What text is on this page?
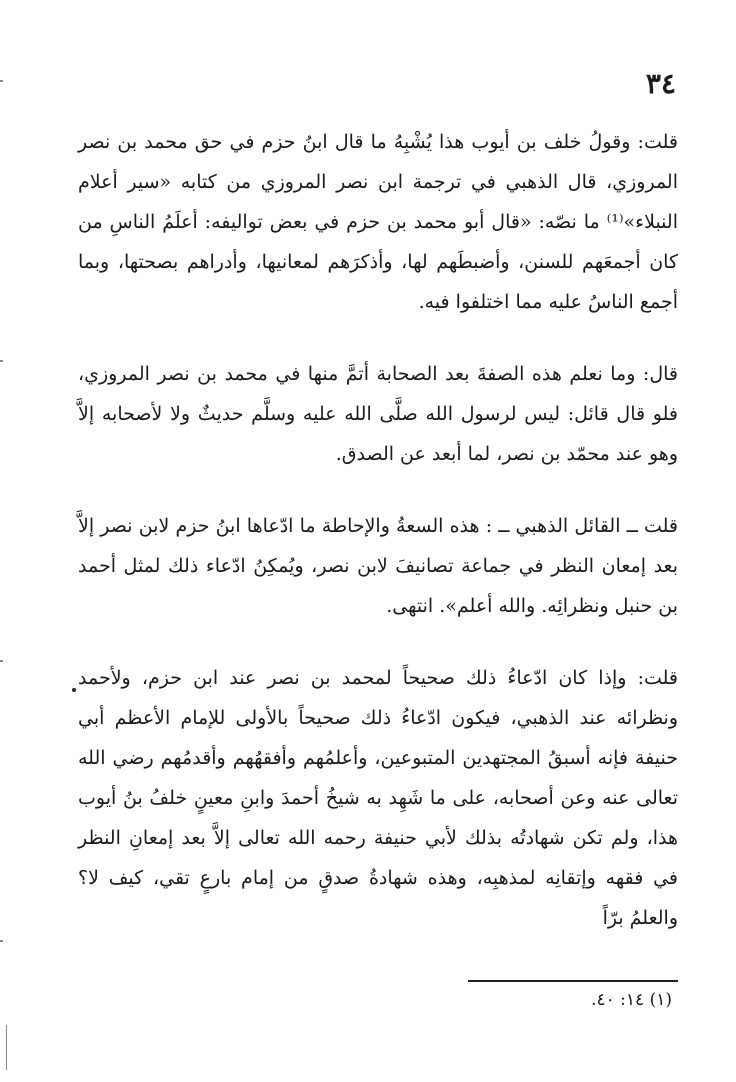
٣٤

قلت: وقولُ خلف بن أيوب هذا يُشْبِهُ ما قال ابنُ حزم في حق محمد بن نصر المروزي، قال الذهبي في ترجمة ابن نصر المروزي من كتابه «سير أعلام النبلاء»⁽¹⁾ ما نصّه: «قال أبو محمد بن حزم في بعض تواليفه: أعلَمُ الناسِ من كان أجمعَهم للسنن، وأضبطَهم لها، وأذكرَهم لمعانيها، وأدراهم بصحتها، وبما أجمع الناسُ عليه مما اختلفوا فيه.

قال: وما نعلم هذه الصفةَ بعد الصحابة أتمَّ منها في محمد بن نصر المروزي، فلو قال قائل: ليس لرسول الله صلَّى الله عليه وسلَّم حديثٌ ولا لأصحابه إلاَّ وهو عند محمّد بن نصر، لما أبعد عن الصدق.

قلت ــ القائل الذهبي ــ : هذه السعةُ والإحاطة ما ادّعاها ابنُ حزم لابن نصر إلاَّ بعد إمعان النظر في جماعة تصانيفَ لابن نصر، ويُمكِنُ ادّعاء ذلك لمثل أحمد بن حنبل ونظرائِه. والله أعلم». انتهى.

قلت: وإذا كان ادّعاءُ ذلك صحيحاً لمحمد بن نصر عند ابن حزم، ولأحمد ونظرائه عند الذهبي، فيكون ادّعاءُ ذلك صحيحاً بالأولى للإمام الأعظم أبي حنيفة فإنه أسبقُ المجتهدين المتبوعين، وأعلمُهم وأفقهُهم وأقدمُهم رضي الله تعالى عنه وعن أصحابه، على ما شَهِد به شيخُ أحمدَ وابنِ معينٍ خلفُ بنُ أيوب هذا، ولم تكن شهادتُه بذلك لأبي حنيفة رحمه الله تعالى إلاَّ بعد إمعانِ النظر في فقهه وإتقانِه لمذهبِه، وهذه شهادةُ صدقٍ من إمام بارعٍ تقي، كيف لا؟ والعلمُ برّاً

(١) ١٤: ٤٠.
